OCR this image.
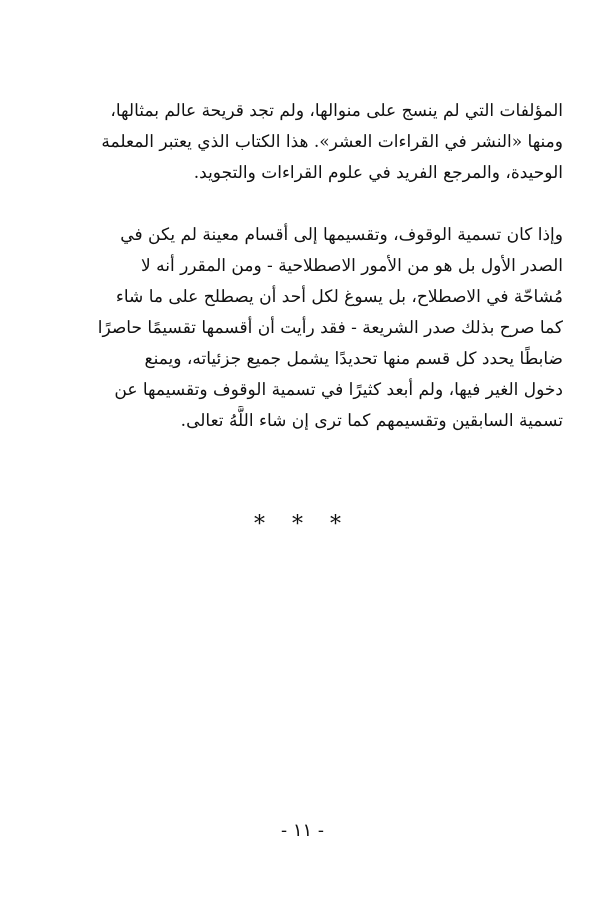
المؤلفات التي لم ينسج على منوالها، ولم تجد قريحة عالم بمثالها،
ومنها «النشر في القراءات العشر». هذا الكتاب الذي يعتبر المعلمة
الوحيدة، والمرجع الفريد في علوم القراءات والتجويد.
وإذا كان تسمية الوقوف، وتقسيمها إلى أقسام معينة لم يكن في
الصدر الأول بل هو من الأمور الاصطلاحية - ومن المقرر أنه لا
مُشاحّة في الاصطلاح، بل يسوغ لكل أحد أن يصطلح على ما شاء
كما صرح بذلك صدر الشريعة - فقد رأيت أن أقسمها تقسيمًا حاصرًا
ضابطًا يحدد كل قسم منها تحديدًا يشمل جميع جزئياته، ويمنع
دخول الغير فيها، ولم أبعد كثيرًا في تسمية الوقوف وتقسيمها عن
تسمية السابقين وتقسيمهم كما ترى إن شاء اللَّهُ تعالى.
* * *
- ١١ -
